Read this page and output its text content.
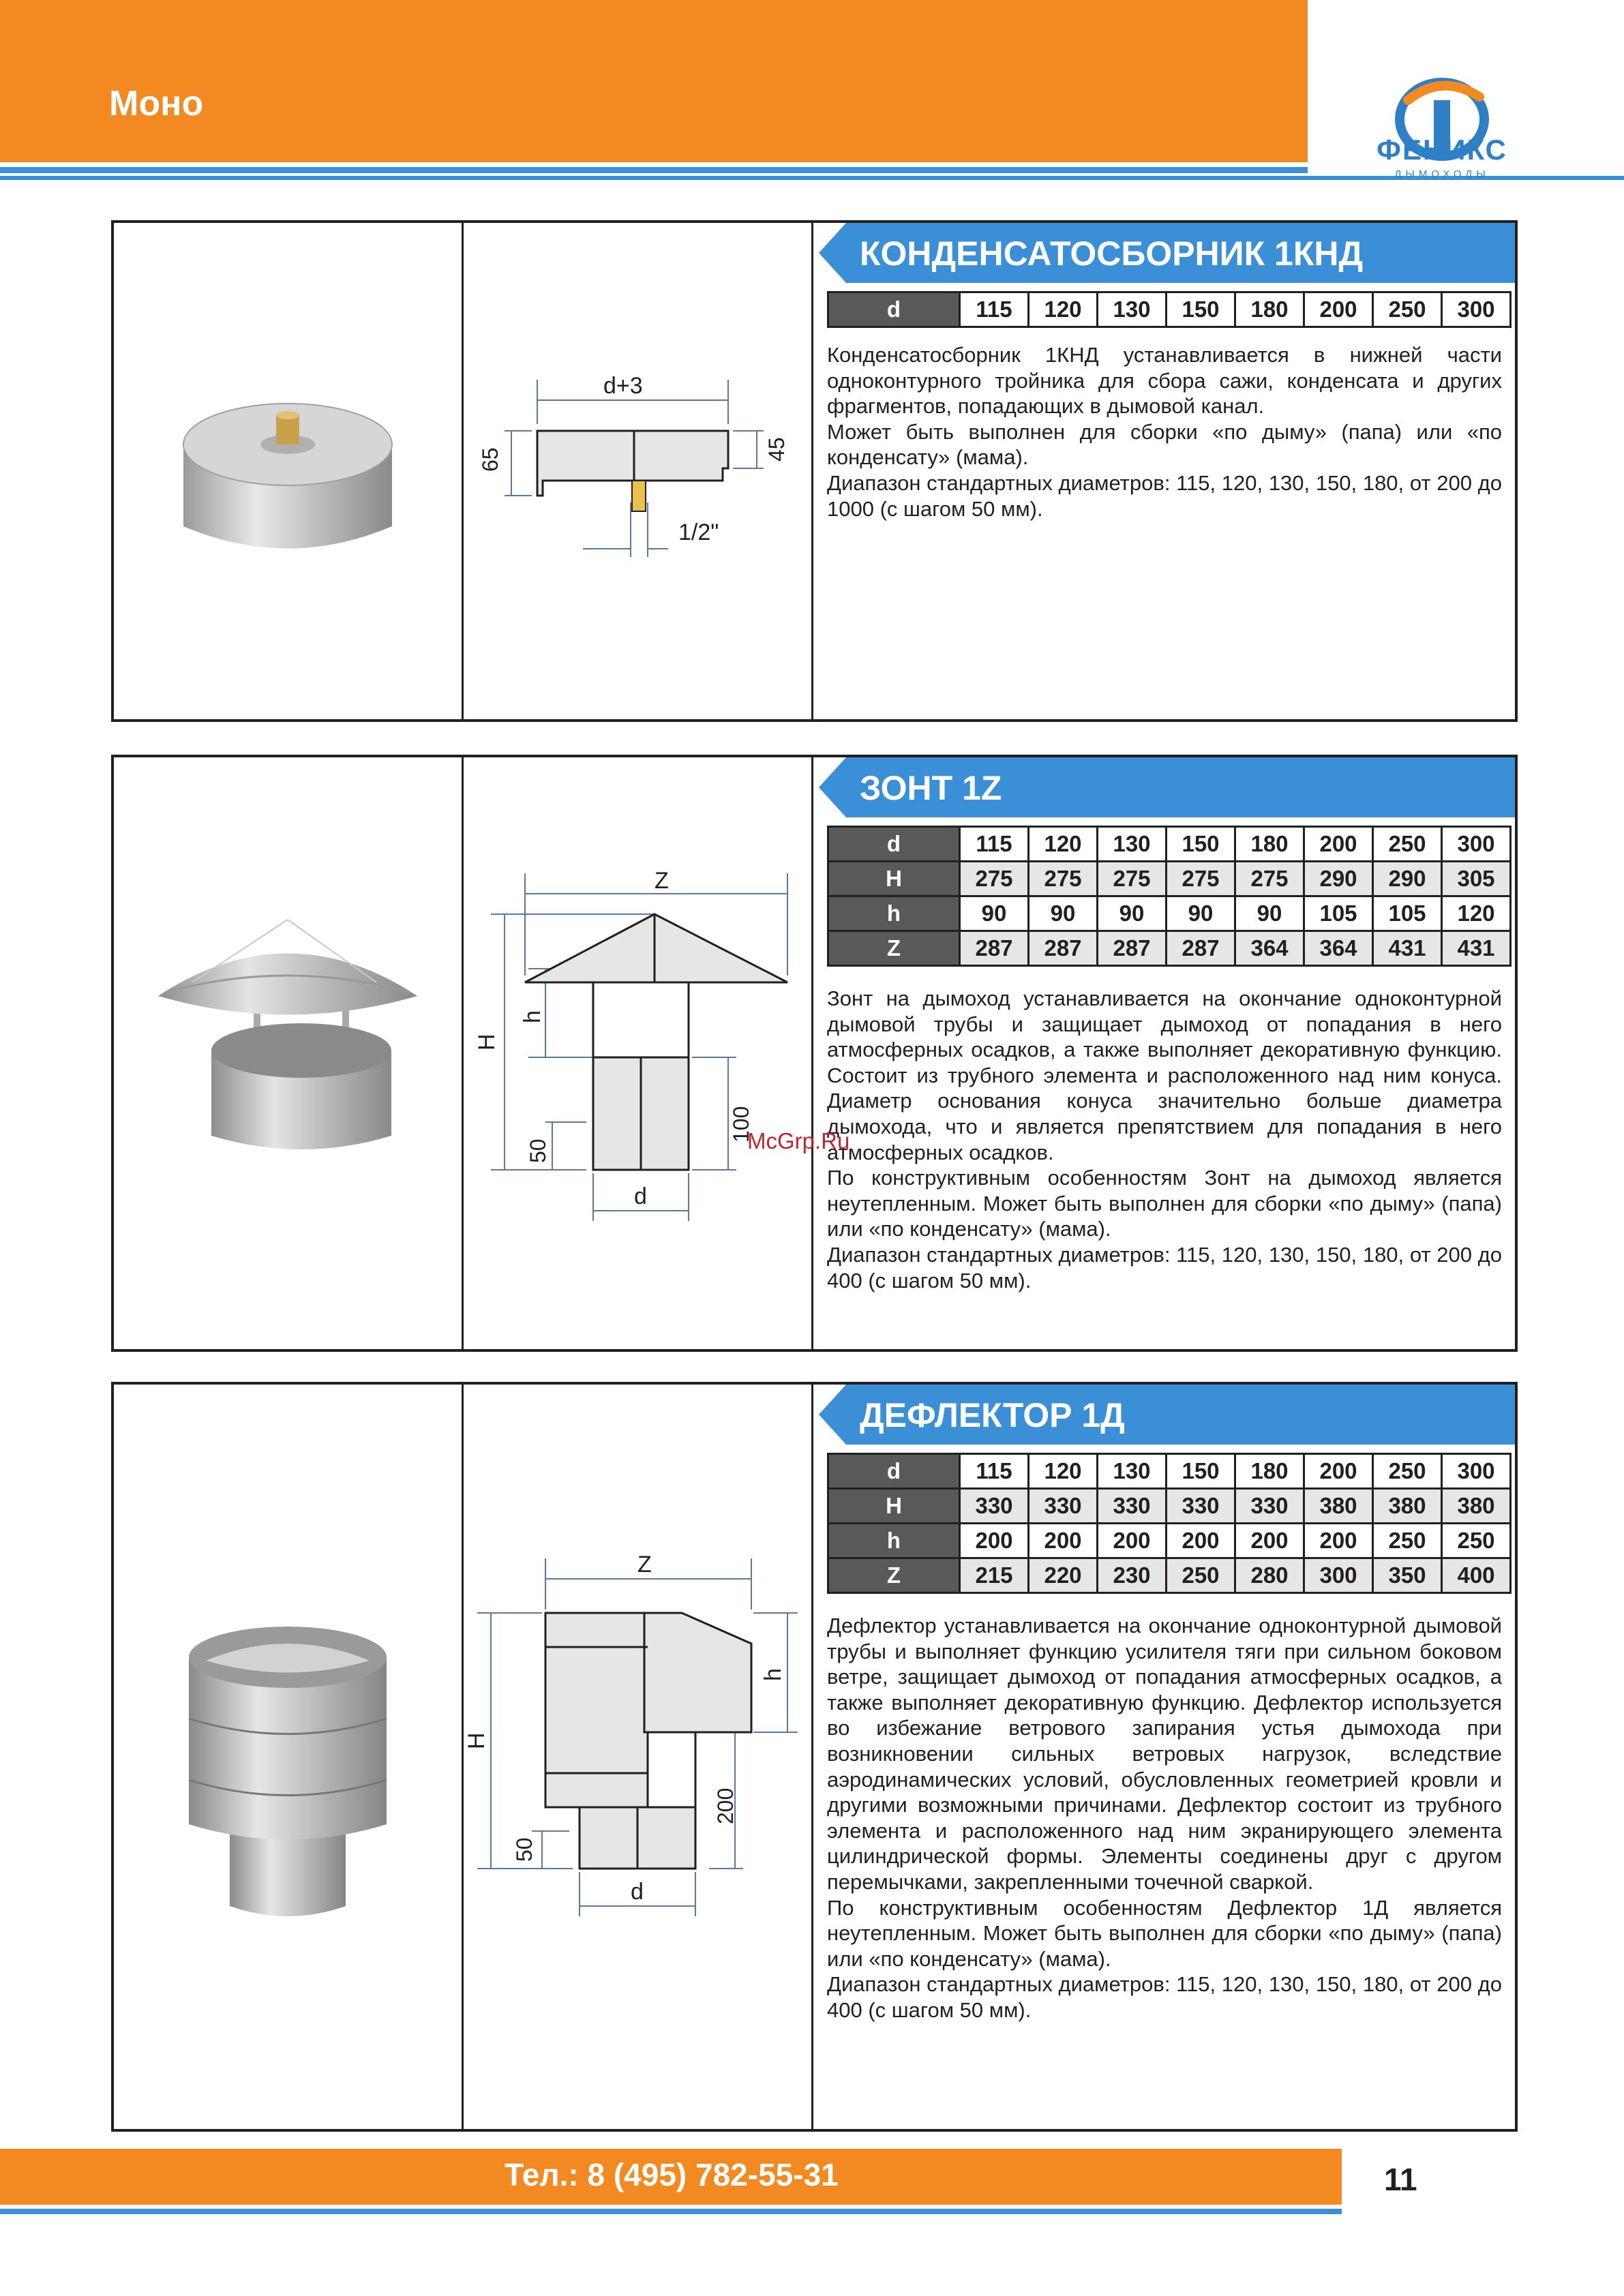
Моно
ФЕНИКС
ДЫМОХОДЫ
d+3
65	45
1/2"
КОНДЕНСАТОСБОРНИК 1КНД
d	115	120	130	150	180	200	250	300

Конденсатосборник 1КНД устанавливается в нижней части одноконтурного тройника для сбора сажи, конденсата и других фрагментов, попадающих в дымовой канал.

Может быть выполнен для сборки «по дыму» (папа) или «по конденсату» (мама).

Диапазон стандартных диаметров: 115, 120, 130, 150, 180, от 200 до 1000 (с шагом 50 мм).

Z
H
h
50
100
d
ЗОНТ 1Z
d	115	120	130	150	180	200	250	300
H	275	275	275	275	275	290	290	305
h	90	90	90	90	90	105	105	120
Z	287	287	287	287	364	364	431	431

Зонт на дымоход устанавливается на окончание одноконтурной дымовой трубы и защищает дымоход от попадания в него атмосферных осадков, а также выполняет декоративную функцию. Состоит из трубного элемента и расположенного над ним конуса. Диаметр основания конуса значительно больше диаметра дымохода, что и является препятствием для попадания в него атмосферных осадков.

По конструктивным особенностям Зонт на дымоход является неутепленным. Может быть выполнен для сборки «по дыму» (папа) или «по конденсату» (мама).

Диапазон стандартных диаметров: 115, 120, 130, 150, 180, от 200 до 400 (с шагом 50 мм).

Z
H
h
50
200
d
ДЕФЛЕКТОР 1Д
d	115	120	130	150	180	200	250	300
H	330	330	330	330	330	380	380	380
h	200	200	200	200	200	200	250	250
Z	215	220	230	250	280	300	350	400

Дефлектор устанавливается на окончание одноконтурной дымовой трубы и выполняет функцию усилителя тяги при сильном боковом ветре, защищает дымоход от попадания атмосферных осадков, а также выполняет декоративную функцию. Дефлектор используется во избежание ветрового запирания устья дымохода при возникновении сильных ветровых нагрузок, вследствие аэродинамических условий, обусловленных геометрией кровли и другими возможными причинами. Дефлектор состоит из трубного элемента и расположенного над ним экранирующего элемента цилиндрической формы. Элементы соединены друг с другом перемычками, закрепленными точечной сваркой.

По конструктивным особенностям Дефлектор 1Д является неутепленным. Может быть выполнен для сборки «по дыму» (папа) или «по конденсату» (мама).

Диапазон стандартных диаметров: 115, 120, 130, 150, 180, от 200 до 400 (с шагом 50 мм).

McGrp.Ru
Тел.: 8 (495) 782-55-31	11
